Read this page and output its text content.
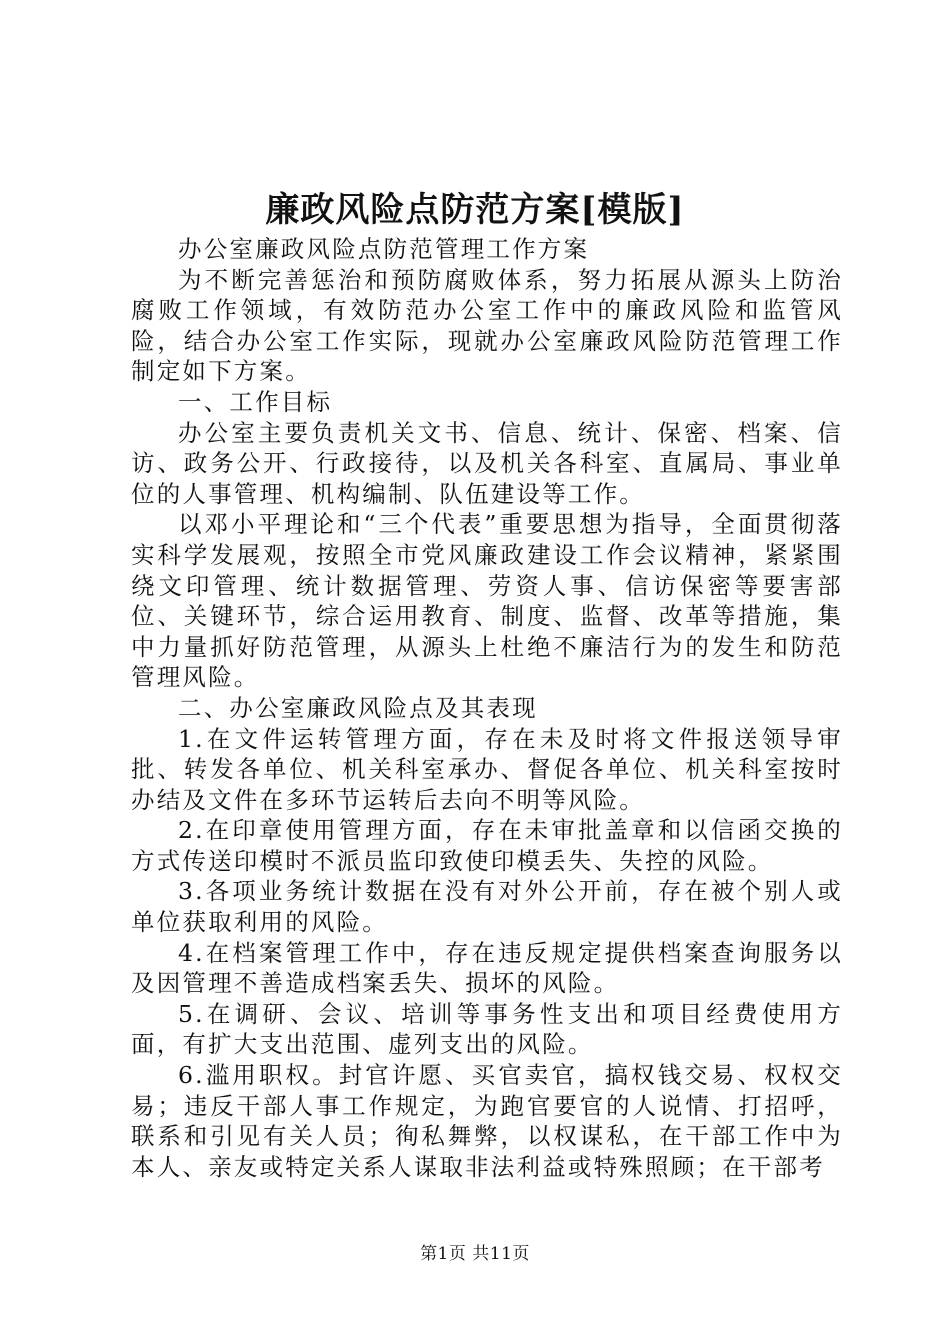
廉政风险点防范方案[模版]

办公室廉政风险点防范管理工作方案

为不断完善惩治和预防腐败体系，努力拓展从源头上防治腐败工作领域，有效防范办公室工作中的廉政风险和监管风险，结合办公室工作实际，现就办公室廉政风险防范管理工作制定如下方案。

一、工作目标

办公室主要负责机关文书、信息、统计、保密、档案、信访、政务公开、行政接待，以及机关各科室、直属局、事业单位的人事管理、机构编制、队伍建设等工作。

以邓小平理论和“三个代表”重要思想为指导，全面贯彻落实科学发展观，按照全市党风廉政建设工作会议精神，紧紧围绕文印管理、统计数据管理、劳资人事、信访保密等要害部位、关键环节，综合运用教育、制度、监督、改革等措施，集中力量抓好防范管理，从源头上杜绝不廉洁行为的发生和防范管理风险。

二、办公室廉政风险点及其表现

1.在文件运转管理方面，存在未及时将文件报送领导审批、转发各单位、机关科室承办、督促各单位、机关科室按时办结及文件在多环节运转后去向不明等风险。

2.在印章使用管理方面，存在未审批盖章和以信函交换的方式传送印模时不派员监印致使印模丢失、失控的风险。

3.各项业务统计数据在没有对外公开前，存在被个别人或单位获取利用的风险。

4.在档案管理工作中，存在违反规定提供档案查询服务以及因管理不善造成档案丢失、损坏的风险。

5.在调研、会议、培训等事务性支出和项目经费使用方面，有扩大支出范围、虚列支出的风险。

6.滥用职权。封官许愿、买官卖官，搞权钱交易、权权交易；违反干部人事工作规定，为跑官要官的人说情、打招呼，联系和引见有关人员；徇私舞弊，以权谋私，在干部工作中为本人、亲友或特定关系人谋取非法利益或特殊照顾；在干部考

第1页 共11页
